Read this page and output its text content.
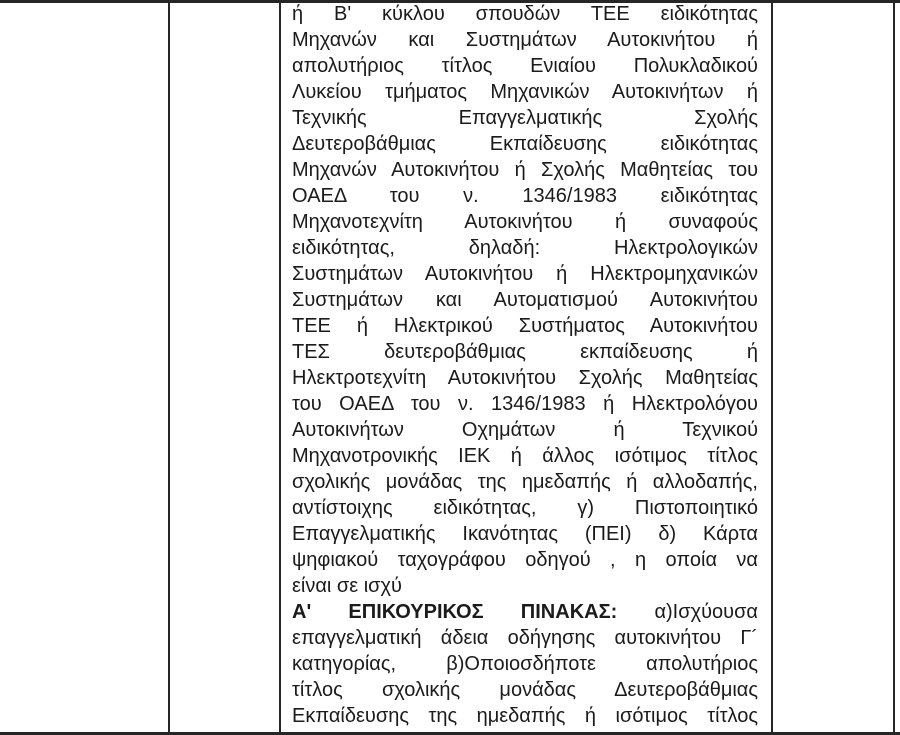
ή Β' κύκλου σπουδών ΤΕΕ ειδικότητας
Μηχανών και Συστημάτων Αυτοκινήτου ή
απολυτήριος τίτλος Ενιαίου Πολυκλαδικού
Λυκείου τμήματος Μηχανικών Αυτοκινήτων ή
Τεχνικής Επαγγελματικής Σχολής
Δευτεροβάθμιας Εκπαίδευσης ειδικότητας
Μηχανών Αυτοκινήτου ή Σχολής Μαθητείας του
ΟΑΕΔ του ν. 1346/1983 ειδικότητας
Μηχανοτεχνίτη Αυτοκινήτου ή συναφούς
ειδικότητας, δηλαδή: Ηλεκτρολογικών
Συστημάτων Αυτοκινήτου ή Ηλεκτρομηχανικών
Συστημάτων και Αυτοματισμού Αυτοκινήτου
ΤΕΕ ή Ηλεκτρικού Συστήματος Αυτοκινήτου
ΤΕΣ δευτεροβάθμιας εκπαίδευσης ή
Ηλεκτροτεχνίτη Αυτοκινήτου Σχολής Μαθητείας
του ΟΑΕΔ του ν. 1346/1983 ή Ηλεκτρολόγου
Αυτοκινήτων Οχημάτων ή Τεχνικού
Μηχανοτρονικής ΙΕΚ ή άλλος ισότιμος τίτλος
σχολικής μονάδας της ημεδαπής ή αλλοδαπής,
αντίστοιχης ειδικότητας, γ) Πιστοποιητικό
Επαγγελματικής Ικανότητας (ΠΕΙ) δ) Κάρτα
ψηφιακού ταχογράφου οδηγού , η οποία να
είναι σε ισχύ
Α' ΕΠΙΚΟΥΡΙΚΟΣ ΠΙΝΑΚΑΣ: α)Ισχύουσα
επαγγελματική άδεια οδήγησης αυτοκινήτου Γ´
κατηγορίας, β)Οποιοσδήποτε απολυτήριος
τίτλος σχολικής μονάδας Δευτεροβάθμιας
Εκπαίδευσης της ημεδαπής ή ισότιμος τίτλος
